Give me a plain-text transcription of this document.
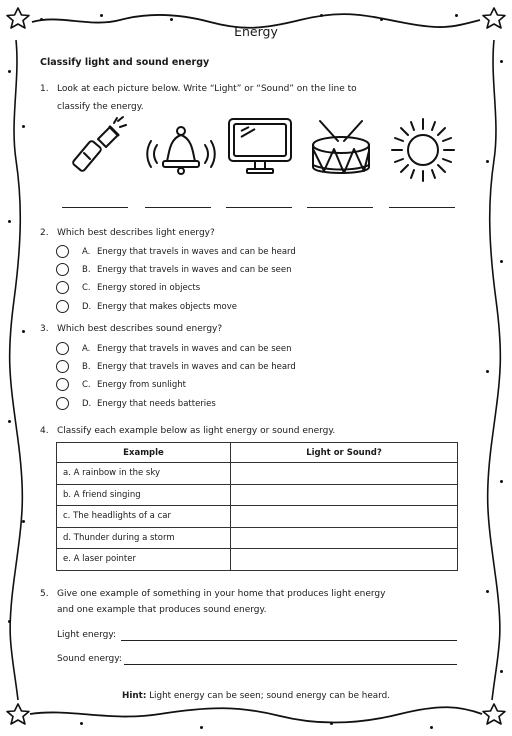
Energy
Classify light and sound energy
1. Look at each picture below. Write “Light” or “Sound” on the line to
classify the energy.
2. Which best describes light energy?
A. Energy that travels in waves and can be heard
B. Energy that travels in waves and can be seen
C. Energy stored in objects
D. Energy that makes objects move
3. Which best describes sound energy?
A. Energy that travels in waves and can be seen
B. Energy that travels in waves and can be heard
C. Energy from sunlight
D. Energy that needs batteries
4. Classify each example below as light energy or sound energy.
Example	Light or Sound?
a. A rainbow in the sky	
b. A friend singing	
c. The headlights of a car	
d. Thunder during a storm	
e. A laser pointer	
5. Give one example of something in your home that produces light energy
and one example that produces sound energy.
Light energy:
Sound energy:
Hint: Light energy can be seen; sound energy can be heard.
